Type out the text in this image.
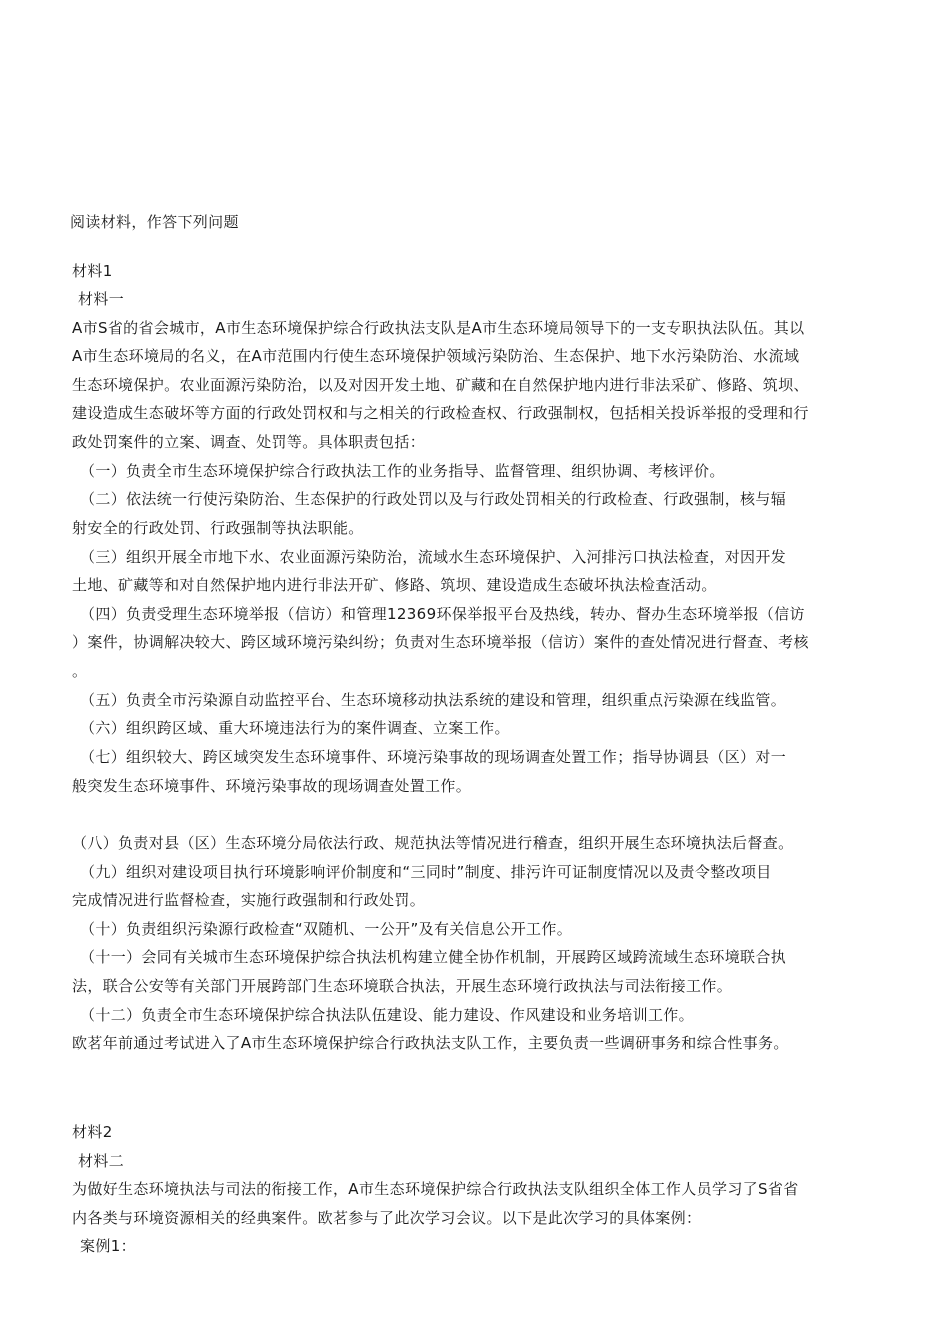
阅读材料，作答下列问题
材料1
材料一
A市S省的省会城市，A市生态环境保护综合行政执法支队是A市生态环境局领导下的一支专职执法队伍。其以
A市生态环境局的名义，在A市范围内行使生态环境保护领域污染防治、生态保护、地下水污染防治、水流域
生态环境保护。农业面源污染防治，以及对因开发土地、矿藏和在自然保护地内进行非法采矿、修路、筑坝、
建设造成生态破坏等方面的行政处罚权和与之相关的行政检查权、行政强制权，包括相关投诉举报的受理和行
政处罚案件的立案、调查、处罚等。具体职责包括：
（一）负责全市生态环境保护综合行政执法工作的业务指导、监督管理、组织协调、考核评价。
（二）依法统一行使污染防治、生态保护的行政处罚以及与行政处罚相关的行政检查、行政强制，核与辐
射安全的行政处罚、行政强制等执法职能。
（三）组织开展全市地下水、农业面源污染防治，流域水生态环境保护、入河排污口执法检查，对因开发
土地、矿藏等和对自然保护地内进行非法开矿、修路、筑坝、建设造成生态破坏执法检查活动。
（四）负责受理生态环境举报（信访）和管理12369环保举报平台及热线，转办、督办生态环境举报（信访
）案件，协调解决较大、跨区域环境污染纠纷；负责对生态环境举报（信访）案件的查处情况进行督查、考核
。
（五）负责全市污染源自动监控平台、生态环境移动执法系统的建设和管理，组织重点污染源在线监管。
（六）组织跨区域、重大环境违法行为的案件调查、立案工作。
（七）组织较大、跨区域突发生态环境事件、环境污染事故的现场调查处置工作；指导协调县（区）对一
般突发生态环境事件、环境污染事故的现场调查处置工作。
（八）负责对县（区）生态环境分局依法行政、规范执法等情况进行稽查，组织开展生态环境执法后督查。
（九）组织对建设项目执行环境影响评价制度和“三同时”制度、排污许可证制度情况以及责令整改项目
完成情况进行监督检查，实施行政强制和行政处罚。
（十）负责组织污染源行政检查“双随机、一公开”及有关信息公开工作。
（十一）会同有关城市生态环境保护综合执法机构建立健全协作机制，开展跨区域跨流域生态环境联合执
法，联合公安等有关部门开展跨部门生态环境联合执法，开展生态环境行政执法与司法衔接工作。
（十二）负责全市生态环境保护综合执法队伍建设、能力建设、作风建设和业务培训工作。
欧茗年前通过考试进入了A市生态环境保护综合行政执法支队工作，主要负责一些调研事务和综合性事务。
材料2
材料二
为做好生态环境执法与司法的衔接工作，A市生态环境保护综合行政执法支队组织全体工作人员学习了S省省
内各类与环境资源相关的经典案件。欧茗参与了此次学习会议。以下是此次学习的具体案例：
案例1：
